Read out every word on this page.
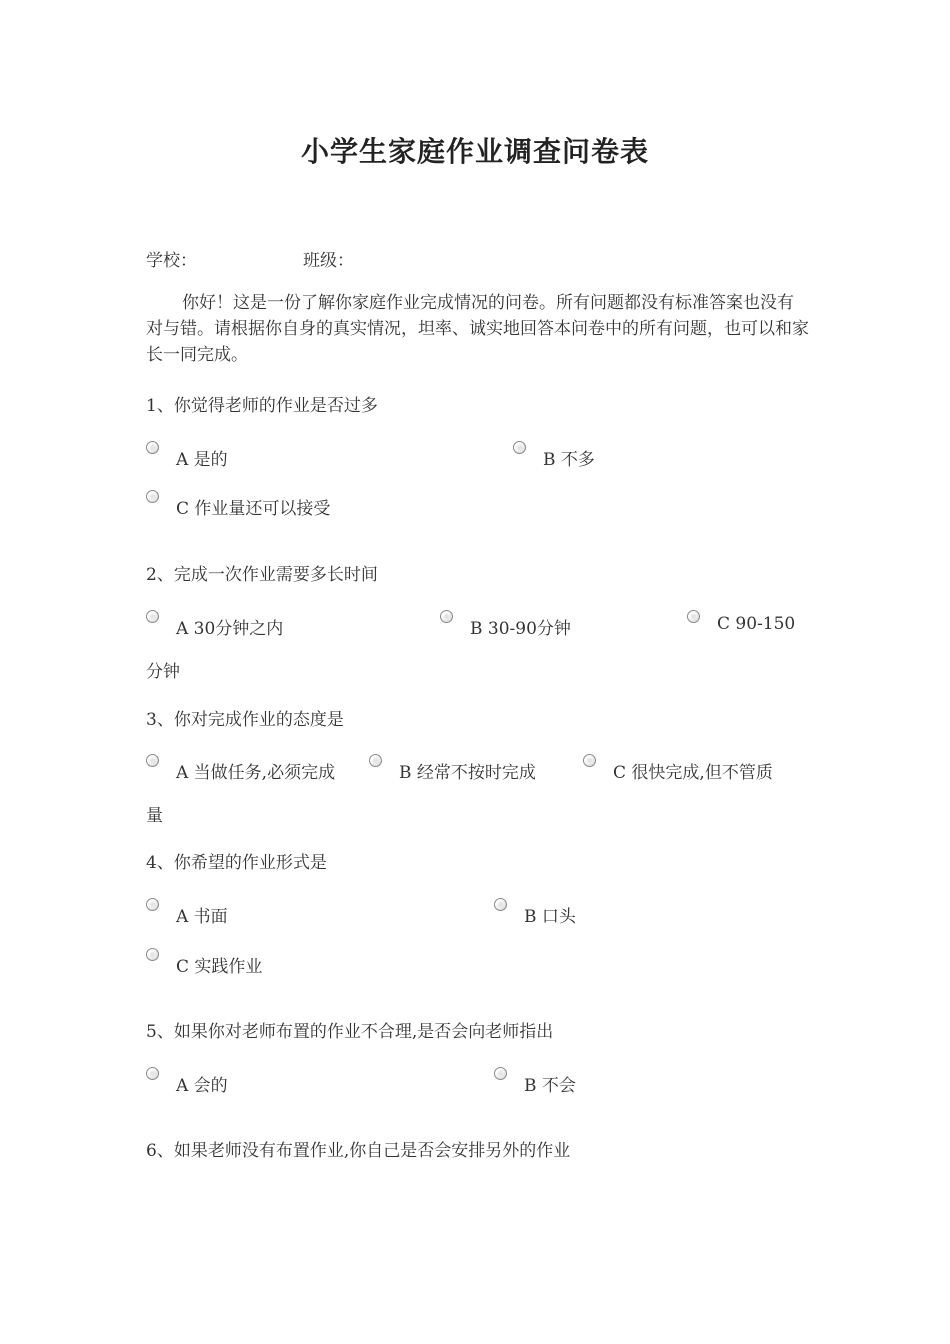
小学生家庭作业调查问卷表
学校：	班级：
你好！这是一份了解你家庭作业完成情况的问卷。所有问题都没有标准答案也没有对与错。请根据你自身的真实情况，坦率、诚实地回答本问卷中的所有问题，也可以和家长一同完成。
1、你觉得老师的作业是否过多
A 是的	B 不多
C 作业量还可以接受
2、完成一次作业需要多长时间
A 30分钟之内	B 30-90分钟	C 90-150
分钟
3、你对完成作业的态度是
A 当做任务,必须完成	B 经常不按时完成	C 很快完成,但不管质
量
4、你希望的作业形式是
A 书面	B 口头
C 实践作业
5、如果你对老师布置的作业不合理,是否会向老师指出
A 会的	B 不会
6、如果老师没有布置作业,你自己是否会安排另外的作业
